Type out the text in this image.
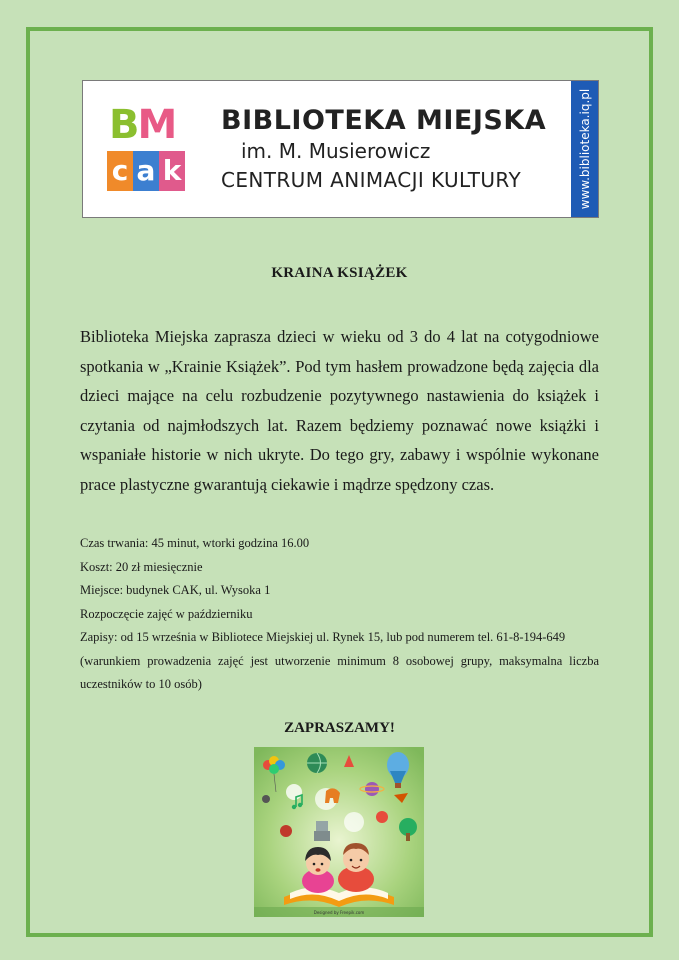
BM
c a k
BIBLIOTEKA MIEJSKA
im. M. Musierowicz
CENTRUM ANIMACJI KULTURY	www.biblioteka.iq.pl
KRAINA KSIĄŻEK

Biblioteka Miejska zaprasza dzieci w wieku od 3 do 4 lat na cotygodniowe spotkania w „Krainie Książek”. Pod tym hasłem prowadzone będą zajęcia dla dzieci mające na celu rozbudzenie pozytywnego nastawienia do książek i czytania od najmłodszych lat. Razem będziemy poznawać nowe książki i wspaniałe historie w nich ukryte. Do tego gry, zabawy i wspólnie wykonane prace plastyczne gwarantują ciekawie i mądrze spędzony czas.

Czas trwania: 45 minut, wtorki godzina 16.00
Koszt: 20 zł miesięcznie
Miejsce: budynek CAK, ul. Wysoka 1
Rozpoczęcie zajęć w październiku
Zapisy: od 15 września w Bibliotece Miejskiej ul. Rynek 15, lub pod numerem tel. 61-8-194-649
(warunkiem prowadzenia zajęć jest utworzenie minimum 8 osobowej grupy, maksymalna liczba uczestników to 10 osób)
ZAPRASZAMY!
Designed by Freepik.com
